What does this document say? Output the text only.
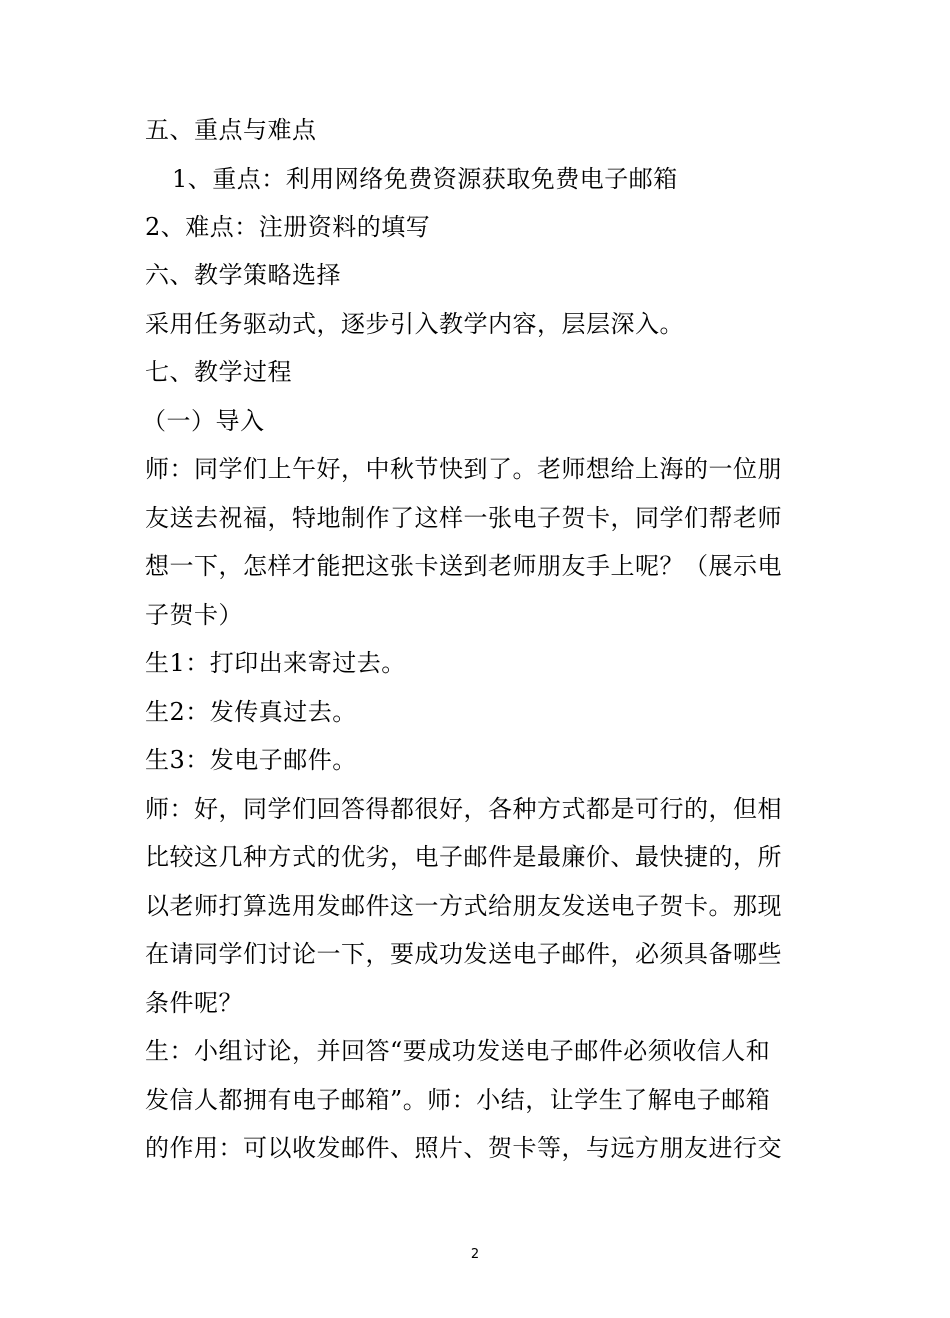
五、重点与难点
1、重点：利用网络免费资源获取免费电子邮箱
2、难点：注册资料的填写
六、教学策略选择
采用任务驱动式，逐步引入教学内容，层层深入。
七、教学过程
（一）导入
师：同学们上午好，中秋节快到了。老师想给上海的一位朋
友送去祝福，特地制作了这样一张电子贺卡，同学们帮老师
想一下，怎样才能把这张卡送到老师朋友手上呢？（展示电
子贺卡）
生1：打印出来寄过去。
生2：发传真过去。
生3：发电子邮件。
师：好，同学们回答得都很好，各种方式都是可行的，但相
比较这几种方式的优劣，电子邮件是最廉价、最快捷的，所
以老师打算选用发邮件这一方式给朋友发送电子贺卡。那现
在请同学们讨论一下，要成功发送电子邮件，必须具备哪些
条件呢？
生：小组讨论，并回答“要成功发送电子邮件必须收信人和
发信人都拥有电子邮箱”。师：小结，让学生了解电子邮箱
的作用：可以收发邮件、照片、贺卡等，与远方朋友进行交
2
